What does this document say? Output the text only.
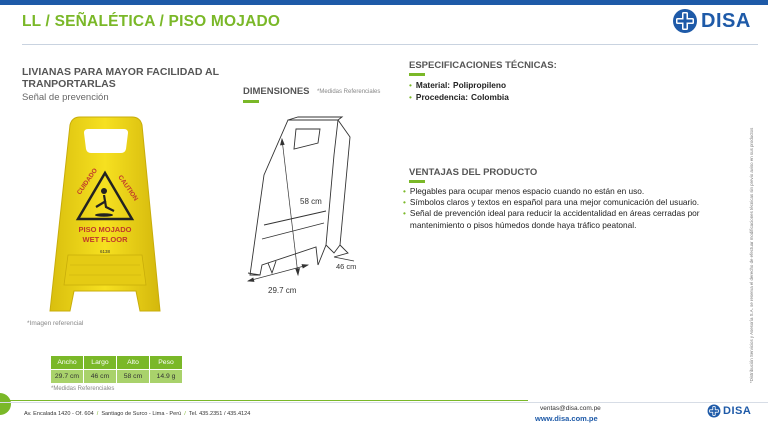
LL / SEÑALÉTICA / PISO MOJADO	DISA
LIVIANAS PARA MAYOR FACILIDAD AL TRANPORTARLAS
Señal de prevención
CUIDADO	CAUTION
PISO MOJADO
WET FLOOR
6138
*Imagen referencial
DIMENSIONES *Medidas Referenciales
58 cm
46 cm
29.7 cm
ESPECIFICACIONES TÉCNICAS:
• Material: Polipropileno
• Procedencia: Colombia
VENTAJAS DEL PRODUCTO
• Plegables para ocupar menos espacio cuando no están en uso.
• Símbolos claros y textos en español para una mejor comunicación del usuario.
• Señal de prevención ideal para reducir la accidentalidad en áreas cerradas por mantenimiento o pisos húmedos donde haya tráfico peatonal.	*Distribución Servicios y Asesoría S.A. se reserva el derecho de efectuar modificaciones técnicas sin previo aviso en sus productos
Ancho	Largo	Alto	Peso
29.7 cm	46 cm	58 cm	14.9 g
*Medidas Referenciales
Av. Encalada 1420 - Of. 604 / Santiago de Surco - Lima - Perú / Tel. 435.2351 / 435.4124
ventas@disa.com.pe
www.disa.com.pe
DISA
